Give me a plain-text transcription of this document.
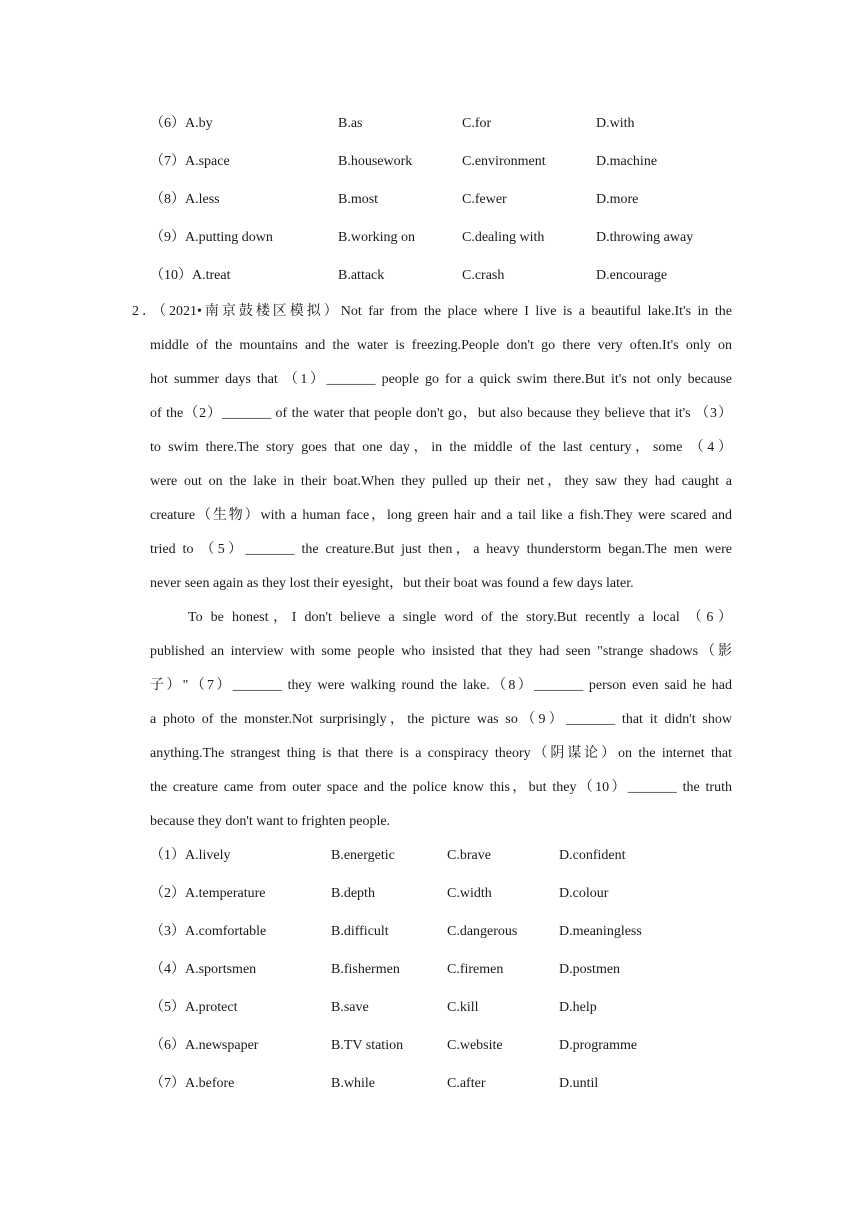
（6）A.by	B.as	C.for	D.with
（7）A.space	B.housework	C.environment	D.machine
（8）A.less	B.most	C.fewer	D.more
（9）A.putting down	B.working on	C.dealing with	D.throwing away
（10）A.treat	B.attack	C.crash	D.encourage
2．（2021•南京鼓楼区模拟）Not far from the place where I live is a beautiful lake.It's in the
middle of the mountains and the water is freezing.People don't go there very often.It's only on
hot summer days that （1）_______ people go for a quick swim there.But it's not only because
of the（2）_______ of the water that people don't go，but also because they believe that it's （3）
to swim there.The story goes that one day，in the middle of the last century，some （4）
were out on the lake in their boat.When they pulled up their net，they saw they had caught a
creature（生物）with a human face，long green hair and a tail like a fish.They were scared and
tried to （5）_______ the creature.But just then，a heavy thunderstorm began.The men were
never seen again as they lost their eyesight，but their boat was found a few days later.
To be honest，I don't believe a single word of the story.But recently a local （6）
published an interview with some people who insisted that they had seen "strange shadows（影
子）"（7）_______ they were walking round the lake.（8）_______ person even said he had
a photo of the monster.Not surprisingly，the picture was so（9）_______ that it didn't show
anything.The strangest thing is that there is a conspiracy theory（阴谋论）on the internet that
the creature came from outer space and the police know this，but they（10）_______ the truth
because they don't want to frighten people.
（1）A.lively	B.energetic	C.brave	D.confident
（2）A.temperature	B.depth	C.width	D.colour
（3）A.comfortable	B.difficult	C.dangerous	D.meaningless
（4）A.sportsmen	B.fishermen	C.firemen	D.postmen
（5）A.protect	B.save	C.kill	D.help
（6）A.newspaper	B.TV station	C.website	D.programme
（7）A.before	B.while	C.after	D.until
